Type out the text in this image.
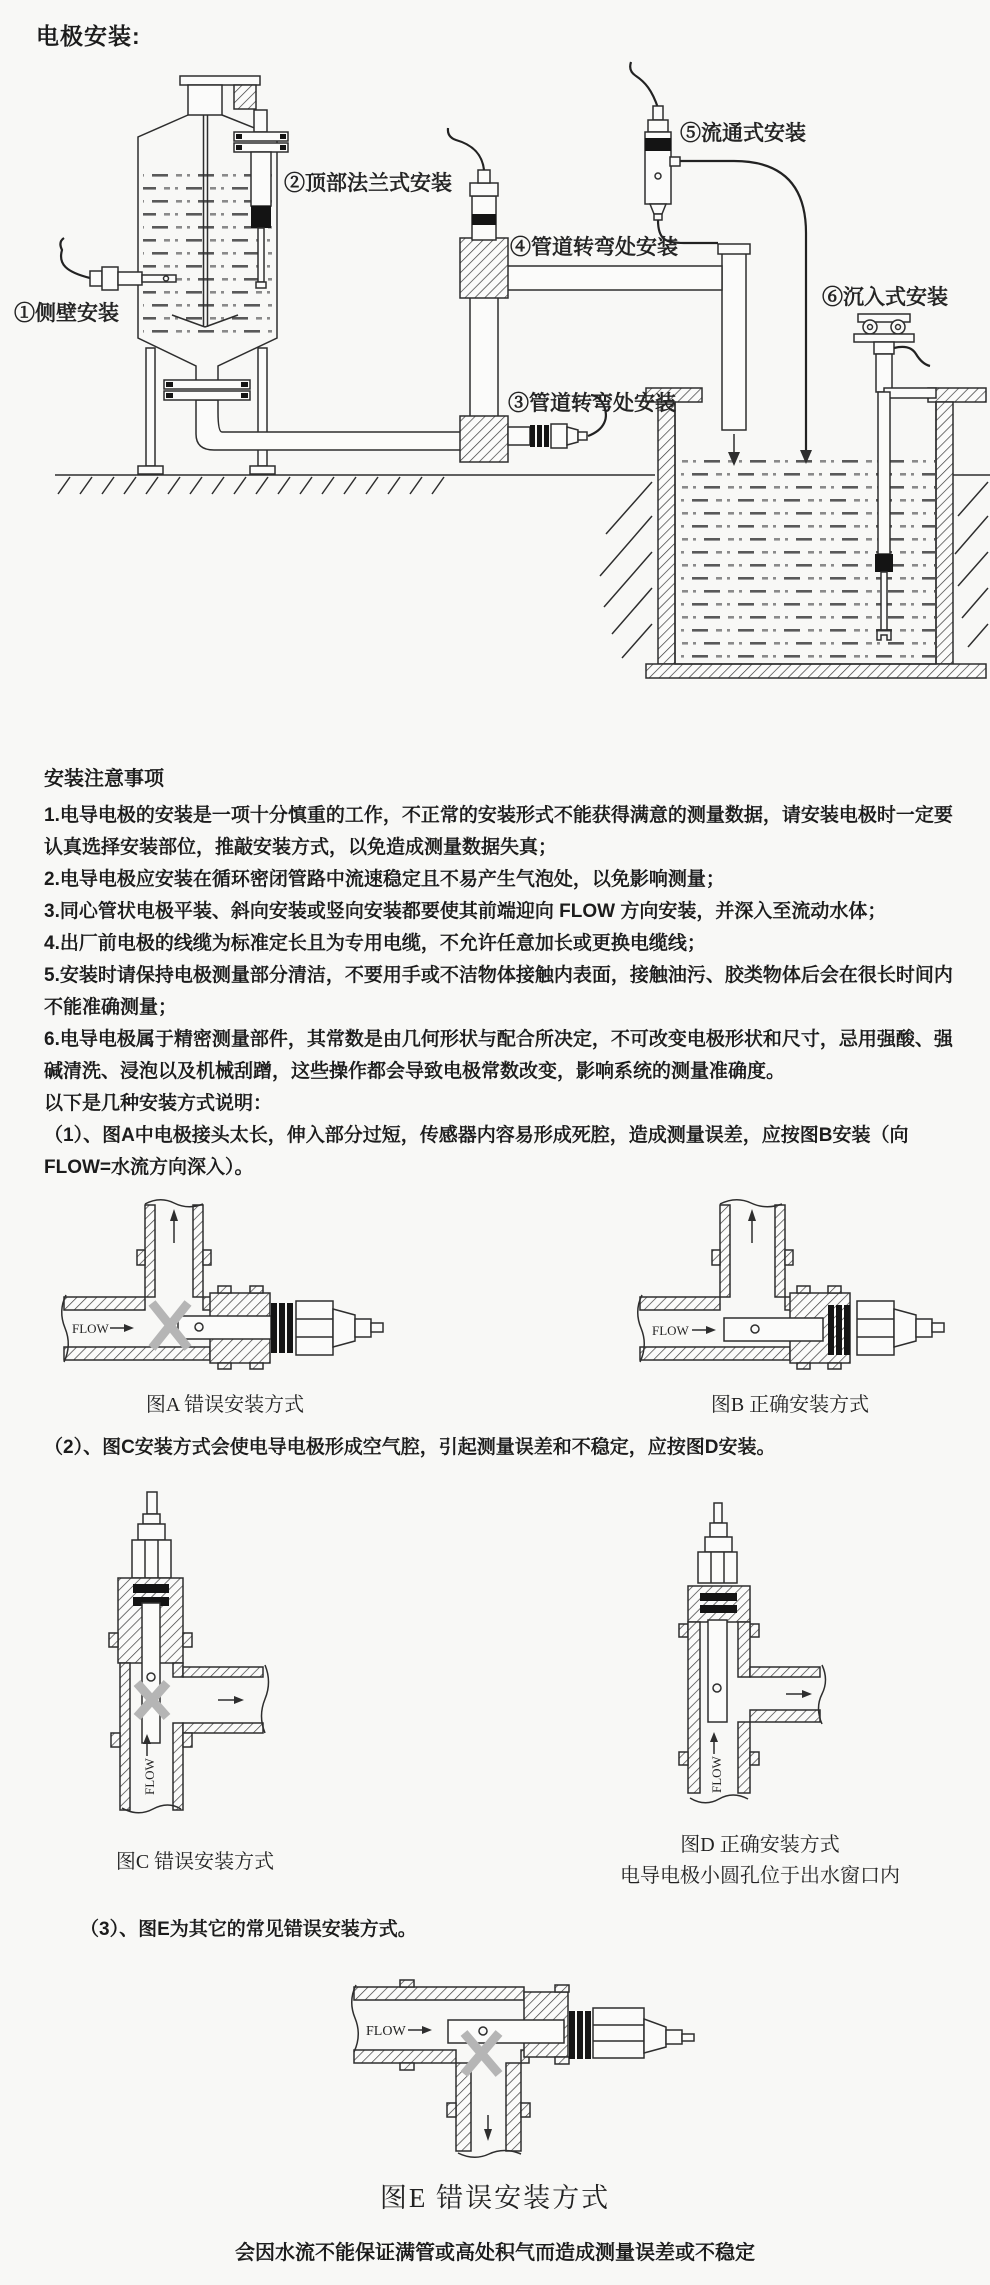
电极安装:
①侧壁安装
②顶部法兰式安装
③管道转弯处安装
④管道转弯处安装
⑤流通式安装
⑥沉入式安装
安装注意事项

1.电导电极的安装是一项十分慎重的工作，不正常的安装形式不能获得满意的测量数据，请安装电极时一定要认真选择安装部位，推敲安装方式，以免造成测量数据失真；

2.电导电极应安装在循环密闭管路中流速稳定且不易产生气泡处，以免影响测量；

3.同心管状电极平装、斜向安装或竖向安装都要使其前端迎向 FLOW 方向安装，并深入至流动水体；

4.出厂前电极的线缆为标准定长且为专用电缆，不允许任意加长或更换电缆线；

5.安装时请保持电极测量部分清洁，不要用手或不洁物体接触内表面，接触油污、胶类物体后会在很长时间内不能准确测量；

6.电导电极属于精密测量部件，其常数是由几何形状与配合所决定，不可改变电极形状和尺寸，忌用强酸、强碱清洗、浸泡以及机械刮蹭，这些操作都会导致电极常数改变，影响系统的测量准确度。

以下是几种安装方式说明：

（1）、图A中电极接头太长，伸入部分过短，传感器内容易形成死腔，造成测量误差，应按图B安装（向FLOW=水流方向深入）。

FLOW	FLOW
图A 错误安装方式	图B 正确安装方式
（2）、图C安装方式会使电导电极形成空气腔，引起测量误差和不稳定，应按图D安装。
FLOW	FLOW
图C 错误安装方式
图D 正确安装方式
电导电极小圆孔位于出水窗口内
（3）、图E为其它的常见错误安装方式。
FLOW
图E 错误安装方式
会因水流不能保证满管或高处积气而造成测量误差或不稳定
